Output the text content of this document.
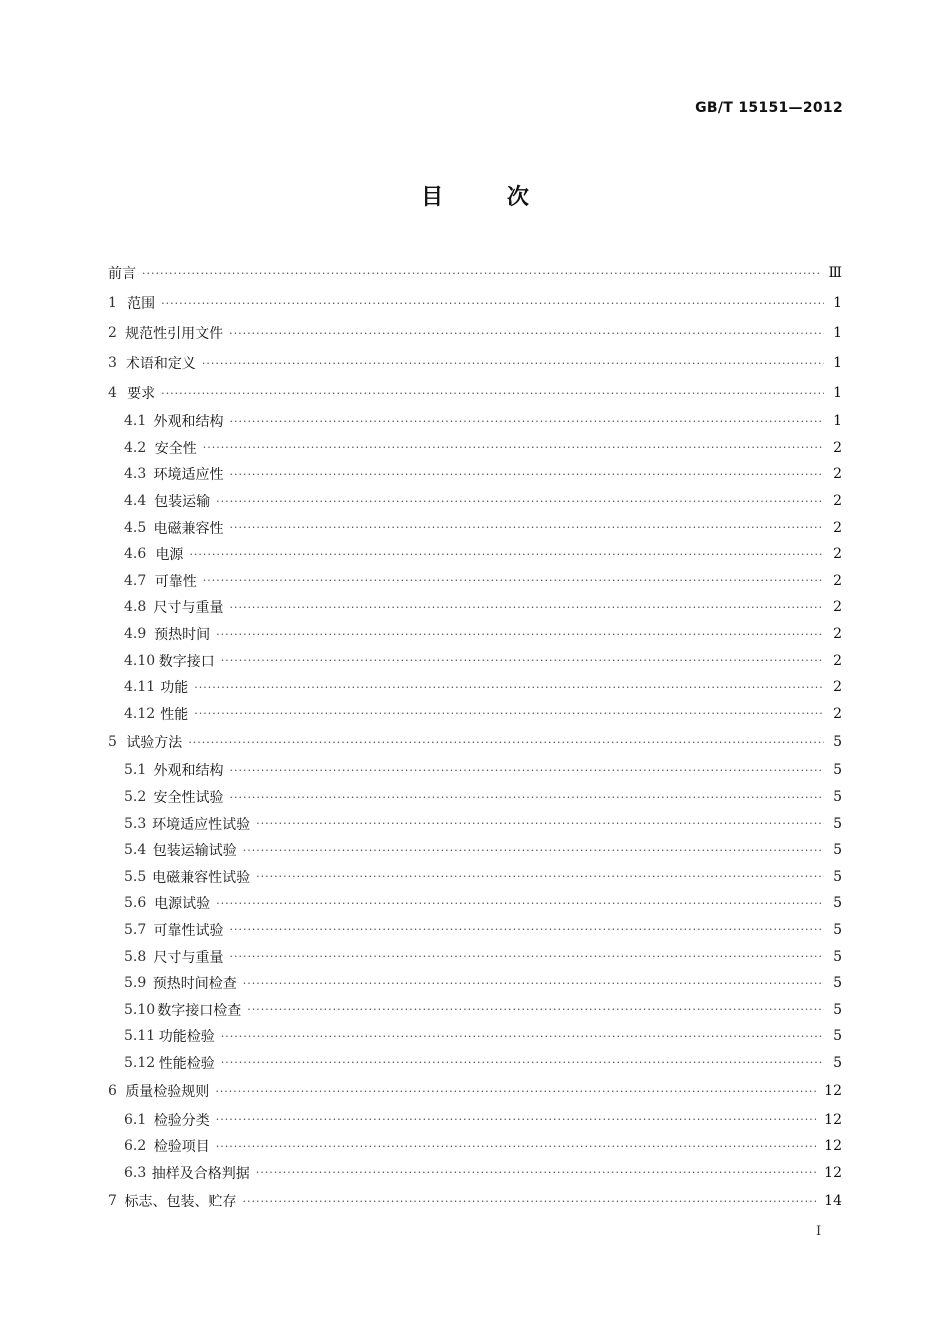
GB/T 15151—2012
目	次
前言 ·····	Ⅲ
1 范围 ·····	1
2 规范性引用文件 ·····	1
3 术语和定义 ·····	1
4 要求 ·····	1
4.1 外观和结构 ·····	1
4.2 安全性 ·····	2
4.3 环境适应性 ·····	2
4.4 包装运输 ·····	2
4.5 电磁兼容性 ·····	2
4.6 电源 ·····	2
4.7 可靠性 ·····	2
4.8 尺寸与重量 ·····	2
4.9 预热时间 ·····	2
4.10 数字接口 ·····	2
4.11 功能 ·····	2
4.12 性能 ·····	2
5 试验方法 ·····	5
5.1 外观和结构 ·····	5
5.2 安全性试验 ·····	5
5.3 环境适应性试验 ·····	5
5.4 包装运输试验 ·····	5
5.5 电磁兼容性试验 ·····	5
5.6 电源试验 ·····	5
5.7 可靠性试验 ·····	5
5.8 尺寸与重量 ·····	5
5.9 预热时间检查 ·····	5
5.10 数字接口检查 ·····	5
5.11 功能检验 ·····	5
5.12 性能检验 ·····	5
6 质量检验规则 ·····	12
6.1 检验分类 ·····	12
6.2 检验项目 ·····	12
6.3 抽样及合格判据 ·····	12
7 标志、包装、贮存 ·····	14
I
